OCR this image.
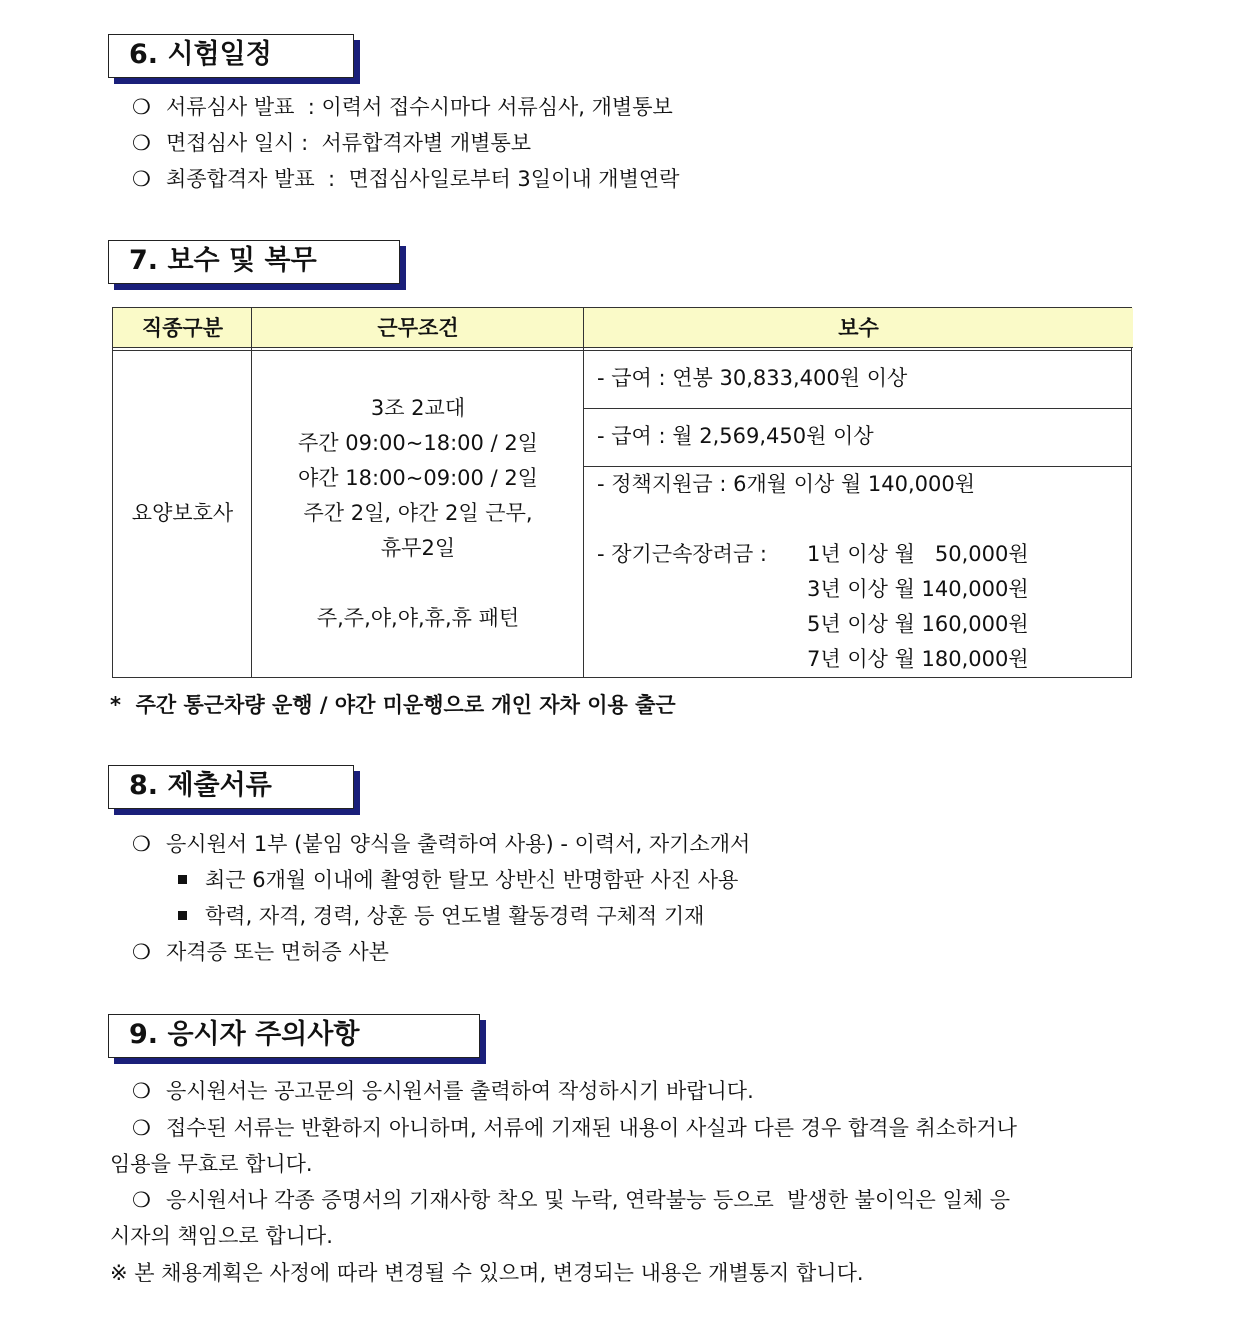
6. 시험일정
❍ 서류심사 발표  : 이력서 접수시마다 서류심사, 개별통보
❍ 면접심사 일시 :  서류합격자별 개별통보
❍ 최종합격자 발표  :  면접심사일로부터 3일이내 개별연락
7. 보수 및 복무
직종구분	근무조건	보수
요양보호사
3조 2교대
주간 09:00~18:00 / 2일
야간 18:00~09:00 / 2일
주간 2일, 야간 2일 근무,
휴무2일
주,주,야,야,휴,휴 패턴
- 급여 : 연봉 30,833,400원 이상
- 급여 : 월 2,569,450원 이상
- 정책지원금 : 6개월 이상 월 140,000원
- 장기근속장려금 : 1년 이상 월   50,000원
3년 이상 월 140,000원
5년 이상 월 160,000원
7년 이상 월 180,000원
*  주간 통근차량 운행 / 야간 미운행으로 개인 자차 이용 출근
8. 제출서류
❍ 응시원서 1부 (붙임 양식을 출력하여 사용) - 이력서, 자기소개서
최근 6개월 이내에 촬영한 탈모 상반신 반명함판 사진 사용
학력, 자격, 경력, 상훈 등 연도별 활동경력 구체적 기재
❍ 자격증 또는 면허증 사본
9. 응시자 주의사항
❍ 응시원서는 공고문의 응시원서를 출력하여 작성하시기 바랍니다.
❍ 접수된 서류는 반환하지 아니하며, 서류에 기재된 내용이 사실과 다른 경우 합격을 취소하거나
임용을 무효로 합니다.
❍ 응시원서나 각종 증명서의 기재사항 착오 및 누락, 연락불능 등으로  발생한 불이익은 일체 응
시자의 책임으로 합니다.
※ 본 채용계획은 사정에 따라 변경될 수 있으며, 변경되는 내용은 개별통지 합니다.
